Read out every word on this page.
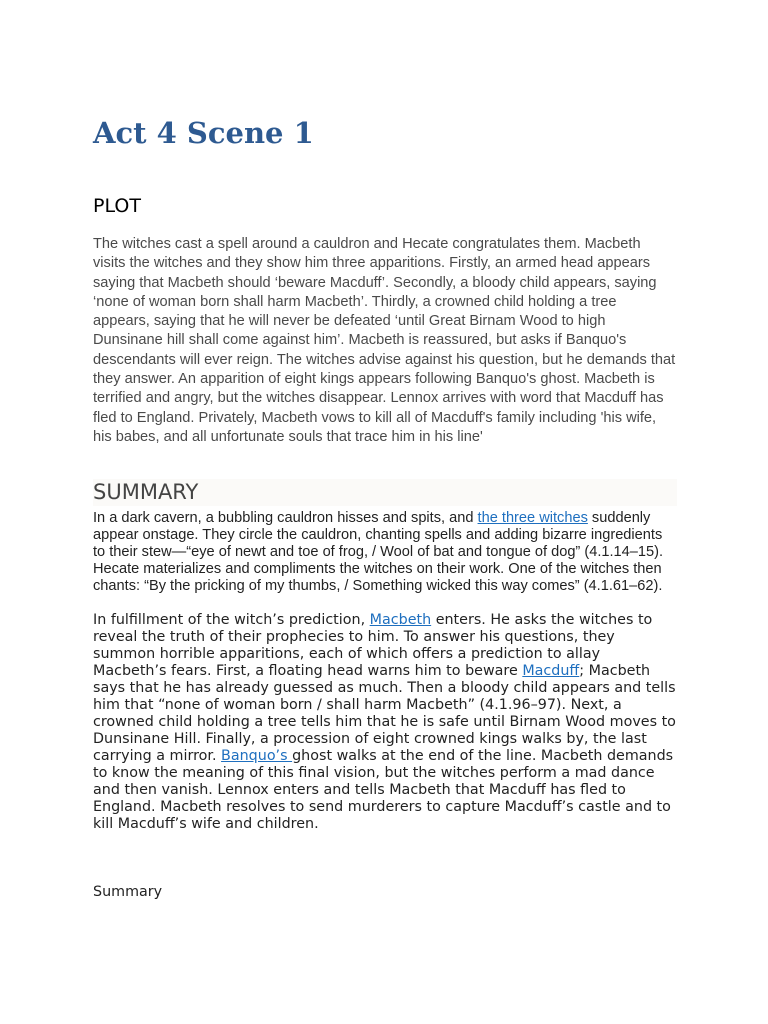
Act 4 Scene 1
PLOT

The witches cast a spell around a cauldron and Hecate congratulates them. Macbeth visits the witches and they show him three apparitions. Firstly, an armed head appears saying that Macbeth should ‘beware Macduff’. Secondly, a bloody child appears, saying ‘none of woman born shall harm Macbeth’. Thirdly, a crowned child holding a tree appears, saying that he will never be defeated ‘until Great Birnam Wood to high Dunsinane hill shall come against him’. Macbeth is reassured, but asks if Banquo's descendants will ever reign. The witches advise against his question, but he demands that they answer. An apparition of eight kings appears following Banquo's ghost. Macbeth is terrified and angry, but the witches disappear. Lennox arrives with word that Macduff has fled to England. Privately, Macbeth vows to kill all of Macduff's family including 'his wife, his babes, and all unfortunate souls that trace him in his line'

SUMMARY

In a dark cavern, a bubbling cauldron hisses and spits, and the three witches suddenly appear onstage. They circle the cauldron, chanting spells and adding bizarre ingredients to their stew—“eye of newt and toe of frog, / Wool of bat and tongue of dog” (4.1.14–15). Hecate materializes and compliments the witches on their work. One of the witches then chants: “By the pricking of my thumbs, / Something wicked this way comes” (4.1.61–62).

In fulfillment of the witch’s prediction, Macbeth enters. He asks the witches to reveal the truth of their prophecies to him. To answer his questions, they summon horrible apparitions, each of which offers a prediction to allay Macbeth’s fears. First, a floating head warns him to beware Macduff; Macbeth says that he has already guessed as much. Then a bloody child appears and tells him that “none of woman born / shall harm Macbeth” (4.1.96–97). Next, a crowned child holding a tree tells him that he is safe until Birnam Wood moves to Dunsinane Hill. Finally, a procession of eight crowned kings walks by, the last carrying a mirror. Banquo’s ghost walks at the end of the line. Macbeth demands to know the meaning of this final vision, but the witches perform a mad dance and then vanish. Lennox enters and tells Macbeth that Macduff has fled to England. Macbeth resolves to send murderers to capture Macduff’s castle and to kill Macduff’s wife and children.

Summary
